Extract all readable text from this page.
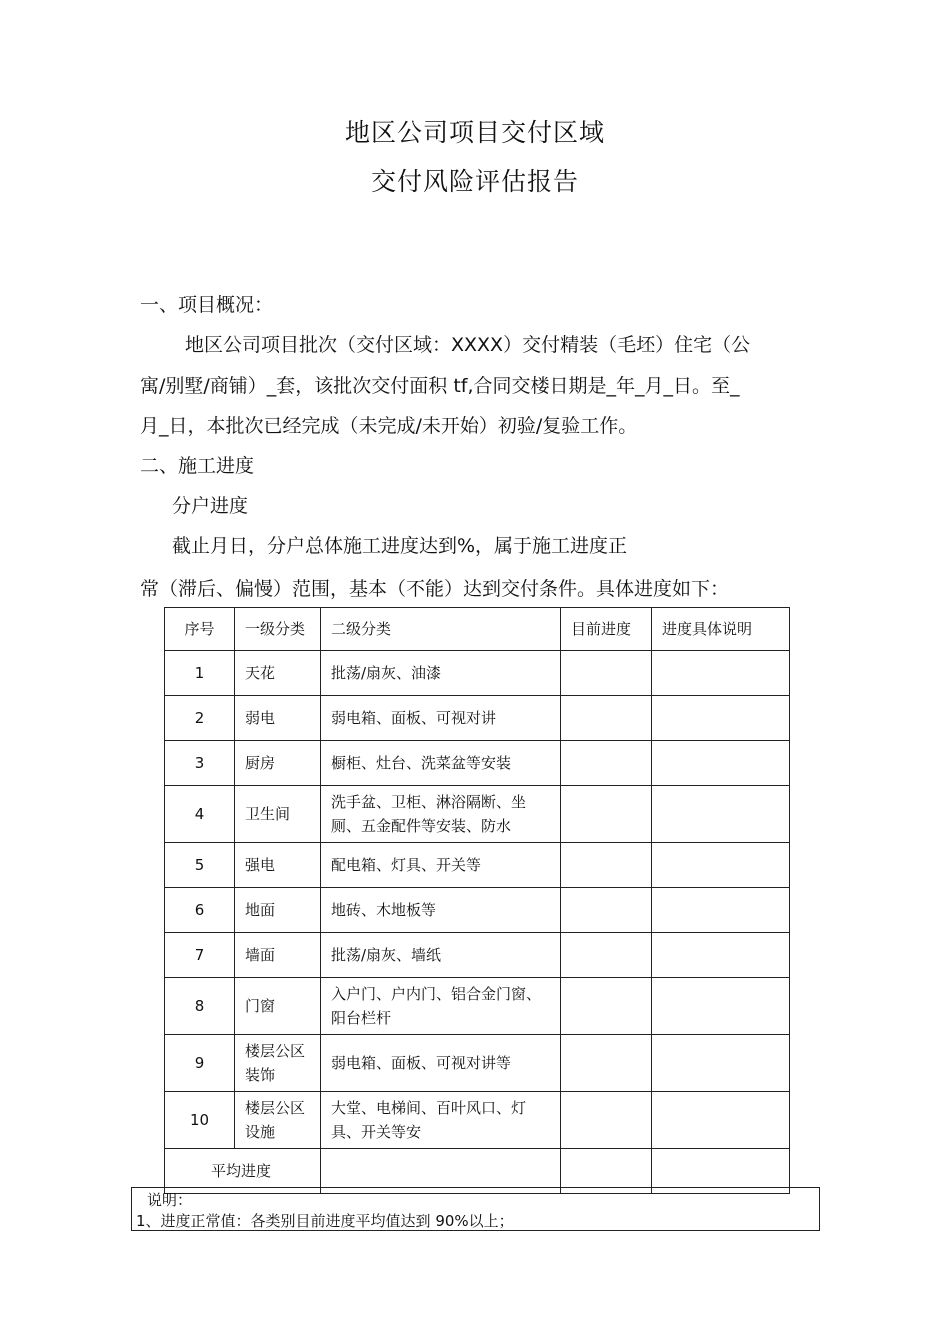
地区公司项目交付区域
交付风险评估报告
一、项目概况：
地区公司项目批次（交付区域：XXXX）交付精装（毛坯）住宅（公
寓/别墅/商铺）_套，该批次交付面积 tf,合同交楼日期是_年_月_日。至_
月_日，本批次已经完成（未完成/未开始）初验/复验工作。
二、施工进度
分户进度
截止月日，分户总体施工进度达到%，属于施工进度正
常（滞后、偏慢）范围，基本（不能）达到交付条件。具体进度如下：
序号	一级分类	二级分类	目前进度	进度具体说明
1	天花	批荡/扇灰、油漆		
2	弱电	弱电箱、面板、可视对讲		
3	厨房	橱柜、灶台、洗菜盆等安装		
4	卫生间	洗手盆、卫柜、淋浴隔断、坐厕、五金配件等安装、防水		
5	强电	配电箱、灯具、开关等		
6	地面	地砖、木地板等		
7	墙面	批荡/扇灰、墙纸		
8	门窗	入户门、户内门、铝合金门窗、阳台栏杆		
9	楼层公区装饰	弱电箱、面板、可视对讲等		
10	楼层公区设施	大堂、电梯间、百叶风口、灯具、开关等安		
平均进度				
说明：
1、进度正常值：各类别目前进度平均值达到 90%以上；
